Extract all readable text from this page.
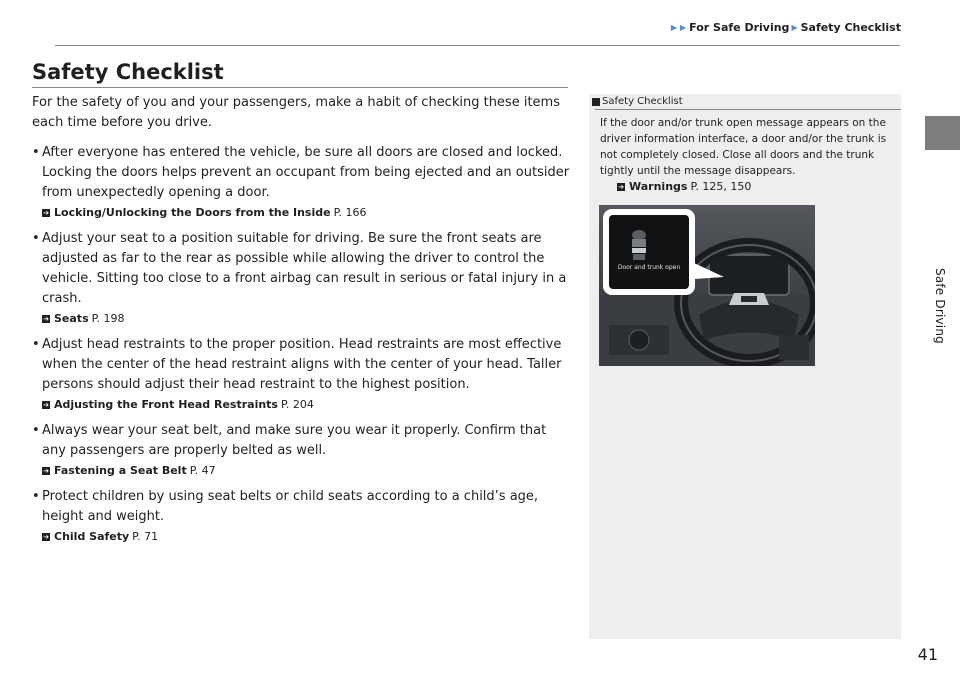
▶ ▶ For Safe Driving ▶ Safety Checklist
Safe Driving
Safety Checklist

For the safety of you and your passengers, make a habit of checking these items each time before you drive.

• After everyone has entered the vehicle, be sure all doors are closed and locked. Locking the doors helps prevent an occupant from being ejected and an outsider from unexpectedly opening a door.
➔ Locking/Unlocking the Doors from the Inside P. 166
• Adjust your seat to a position suitable for driving. Be sure the front seats are adjusted as far to the rear as possible while allowing the driver to control the vehicle. Sitting too close to a front airbag can result in serious or fatal injury in a crash.
➔ Seats P. 198
• Adjust head restraints to the proper position. Head restraints are most effective when the center of the head restraint aligns with the center of your head. Taller persons should adjust their head restraint to the highest position.
➔ Adjusting the Front Head Restraints P. 204
• Always wear your seat belt, and make sure you wear it properly. Confirm that any passengers are properly belted as well.
➔ Fastening a Seat Belt P. 47
• Protect children by using seat belts or child seats according to a child’s age, height and weight.
➔ Child Safety P. 71
Safety Checklist
If the door and/or trunk open message appears on the driver information interface, a door and/or the trunk is not completely closed. Close all doors and the trunk tightly until the message disappears.
➔ Warnings P. 125, 150
Door and trunk open
41
